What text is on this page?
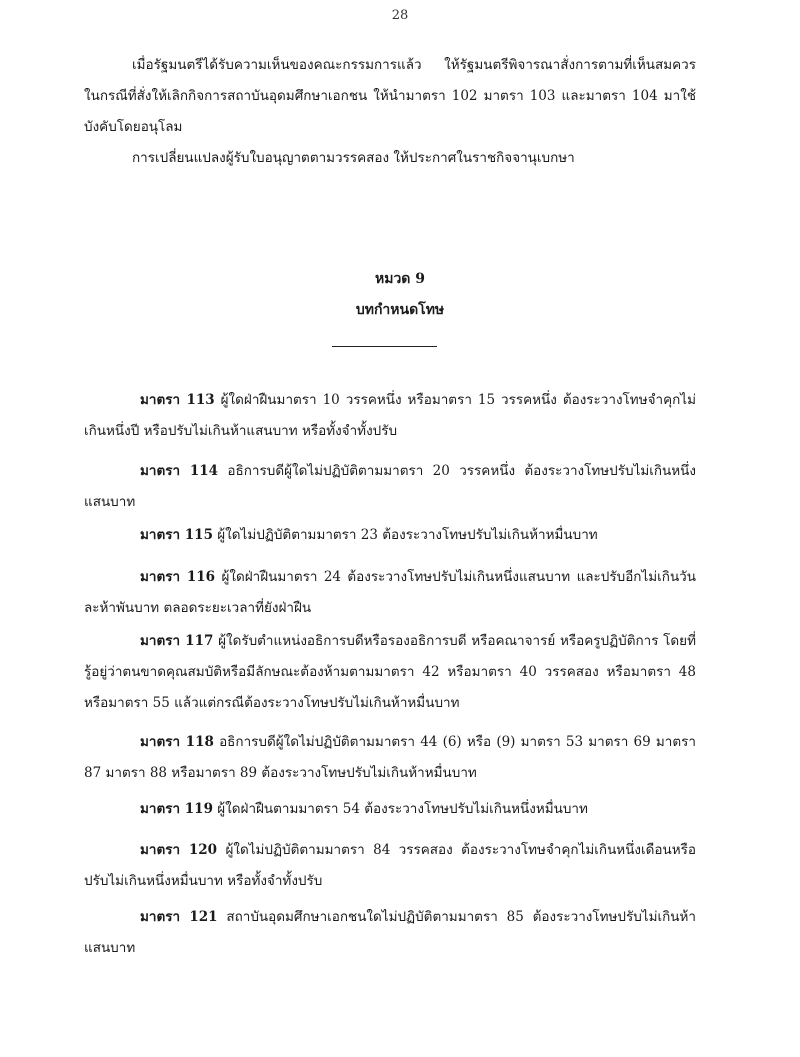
28

เมื่อรัฐมนตรีได้รับความเห็นของคณะกรรมการแล้ว ให้รัฐมนตรีพิจารณาสั่งการตามที่เห็นสมควร ในกรณีที่สั่งให้เลิกกิจการสถาบันอุดมศึกษาเอกชน ให้นำมาตรา 102 มาตรา 103 และมาตรา 104 มาใช้บังคับโดยอนุโลม

การเปลี่ยนแปลงผู้รับใบอนุญาตตามวรรคสอง ให้ประกาศในราชกิจจานุเบกษา

หมวด 9
บทกำหนดโทษ

มาตรา 113 ผู้ใดฝ่าฝืนมาตรา 10 วรรคหนึ่ง หรือมาตรา 15 วรรคหนึ่ง ต้องระวางโทษจำคุกไม่เกินหนึ่งปี หรือปรับไม่เกินห้าแสนบาท หรือทั้งจำทั้งปรับ

มาตรา 114 อธิการบดีผู้ใดไม่ปฏิบัติตามมาตรา 20 วรรคหนึ่ง ต้องระวางโทษปรับไม่เกินหนึ่งแสนบาท

มาตรา 115 ผู้ใดไม่ปฏิบัติตามมาตรา 23 ต้องระวางโทษปรับไม่เกินห้าหมื่นบาท

มาตรา 116 ผู้ใดฝ่าฝืนมาตรา 24 ต้องระวางโทษปรับไม่เกินหนึ่งแสนบาท และปรับอีกไม่เกินวันละห้าพันบาท ตลอดระยะเวลาที่ยังฝ่าฝืน

มาตรา 117 ผู้ใดรับตำแหน่งอธิการบดีหรือรองอธิการบดี หรือคณาจารย์ หรือครูปฏิบัติการ โดยที่รู้อยู่ว่าตนขาดคุณสมบัติหรือมีลักษณะต้องห้ามตามมาตรา 42 หรือมาตรา 40 วรรคสอง หรือมาตรา 48 หรือมาตรา 55 แล้วแต่กรณีต้องระวางโทษปรับไม่เกินห้าหมื่นบาท

มาตรา 118 อธิการบดีผู้ใดไม่ปฏิบัติตามมาตรา 44 (6) หรือ (9) มาตรา 53 มาตรา 69 มาตรา 87 มาตรา 88 หรือมาตรา 89 ต้องระวางโทษปรับไม่เกินห้าหมื่นบาท

มาตรา 119 ผู้ใดฝ่าฝืนตามมาตรา 54 ต้องระวางโทษปรับไม่เกินหนึ่งหมื่นบาท

มาตรา 120 ผู้ใดไม่ปฏิบัติตามมาตรา 84 วรรคสอง ต้องระวางโทษจำคุกไม่เกินหนึ่งเดือนหรือปรับไม่เกินหนึ่งหมื่นบาท หรือทั้งจำทั้งปรับ

มาตรา 121 สถาบันอุดมศึกษาเอกชนใดไม่ปฏิบัติตามมาตรา 85 ต้องระวางโทษปรับไม่เกินห้าแสนบาท
